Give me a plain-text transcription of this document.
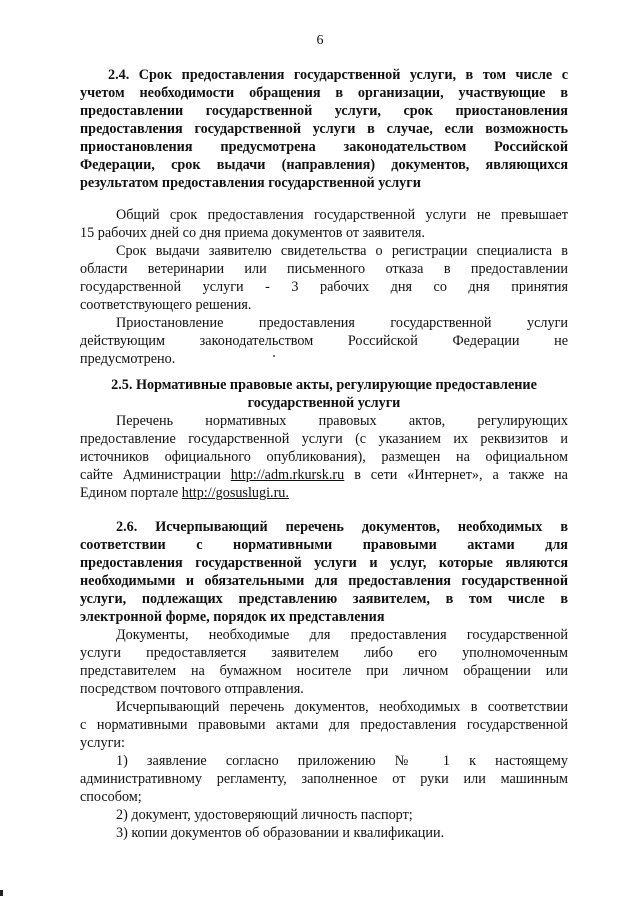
6
2.4. Срок предоставления государственной услуги, в том числе с
учетом необходимости обращения в организации, участвующие в
предоставлении государственной услуги, срок приостановления
предоставления государственной услуги в случае, если возможность
приостановления предусмотрена законодательством Российской
Федерации, срок выдачи (направления) документов, являющихся
результатом предоставления государственной услуги
Общий срок предоставления государственной услуги не превышает
15 рабочих дней со дня приема документов от заявителя.
Срок выдачи заявителю свидетельства о регистрации специалиста в
области ветеринарии или письменного отказа в предоставлении
государственной услуги - 3 рабочих дня со дня принятия
соответствующего решения.
Приостановление предоставления государственной услуги
действующим законодательством Российской Федерации не
предусмотрено.
2.5. Нормативные правовые акты, регулирующие предоставление
государственной услуги
Перечень нормативных правовых актов, регулирующих
предоставление государственной услуги (с указанием их реквизитов и
источников официального опубликования), размещен на официальном
сайте Администрации http://adm.rkursk.ru в сети «Интернет», а также на
Едином портале http://gosuslugi.ru.
2.6. Исчерпывающий перечень документов, необходимых в
соответствии с нормативными правовыми актами для
предоставления государственной услуги и услуг, которые являются
необходимыми и обязательными для предоставления государственной
услуги, подлежащих представлению заявителем, в том числе в
электронной форме, порядок их представления
Документы, необходимые для предоставления государственной
услуги предоставляется заявителем либо его уполномоченным
представителем на бумажном носителе при личном обращении или
посредством почтового отправления.
Исчерпывающий перечень документов, необходимых в соответствии
с нормативными правовыми актами для предоставления государственной
услуги:
1) заявление согласно приложению № 1 к настоящему
административному регламенту, заполненное от руки или машинным
способом;
2) документ, удостоверяющий личность паспорт;
3) копии документов об образовании и квалификации.
